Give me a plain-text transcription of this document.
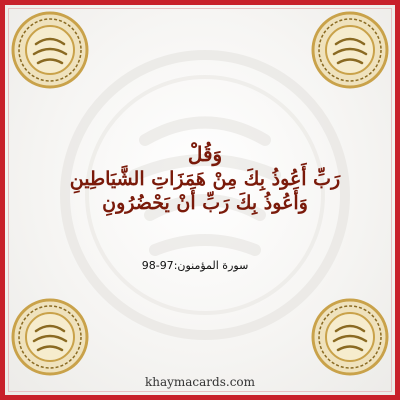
وَقُلْ
رَبِّ أَعُوذُ بِكَ مِنْ هَمَزَاتِ الشَّيَاطِينِ
وَأَعُوذُ بِكَ رَبِّ أَنْ يَحْضُرُونِ
سورة المؤمنون:97-98
khaymacards.com
